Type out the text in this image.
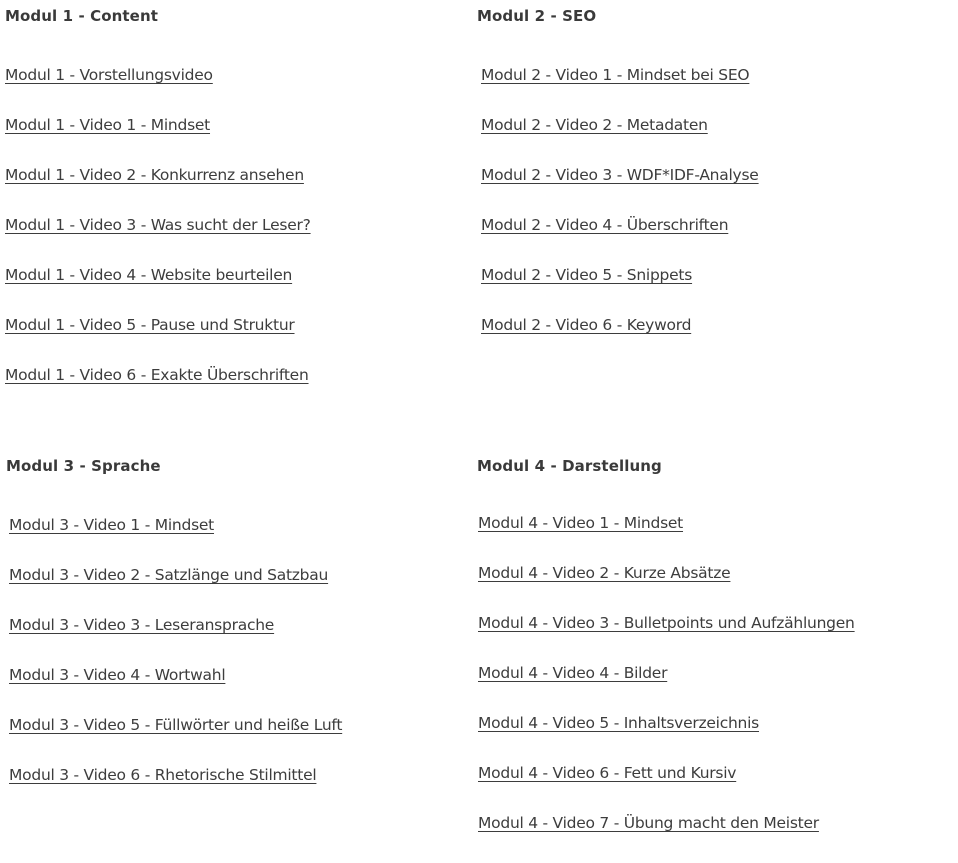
Modul 1 - Content
Modul 1 - Vorstellungsvideo
Modul 1 - Video 1 - Mindset
Modul 1 - Video 2 - Konkurrenz ansehen
Modul 1 - Video 3 - Was sucht der Leser?
Modul 1 - Video 4 - Website beurteilen
Modul 1 - Video 5 - Pause und Struktur
Modul 1 - Video 6 - Exakte Überschriften
Modul 2 - SEO
Modul 2 - Video 1 - Mindset bei SEO
Modul 2 - Video 2 - Metadaten
Modul 2 - Video 3 - WDF*IDF-Analyse
Modul 2 - Video 4 - Überschriften
Modul 2 - Video 5 - Snippets
Modul 2 - Video 6 - Keyword
Modul 3 - Sprache
Modul 3 - Video 1 - Mindset
Modul 3 - Video 2 - Satzlänge und Satzbau
Modul 3 - Video 3 - Leseransprache
Modul 3 - Video 4 - Wortwahl
Modul 3 - Video 5 - Füllwörter und heiße Luft
Modul 3 - Video 6 - Rhetorische Stilmittel
Modul 4 - Darstellung
Modul 4 - Video 1 - Mindset
Modul 4 - Video 2 - Kurze Absätze
Modul 4 - Video 3 - Bulletpoints und Aufzählungen
Modul 4 - Video 4 - Bilder
Modul 4 - Video 5 - Inhaltsverzeichnis
Modul 4 - Video 6 - Fett und Kursiv
Modul 4 - Video 7 - Übung macht den Meister
